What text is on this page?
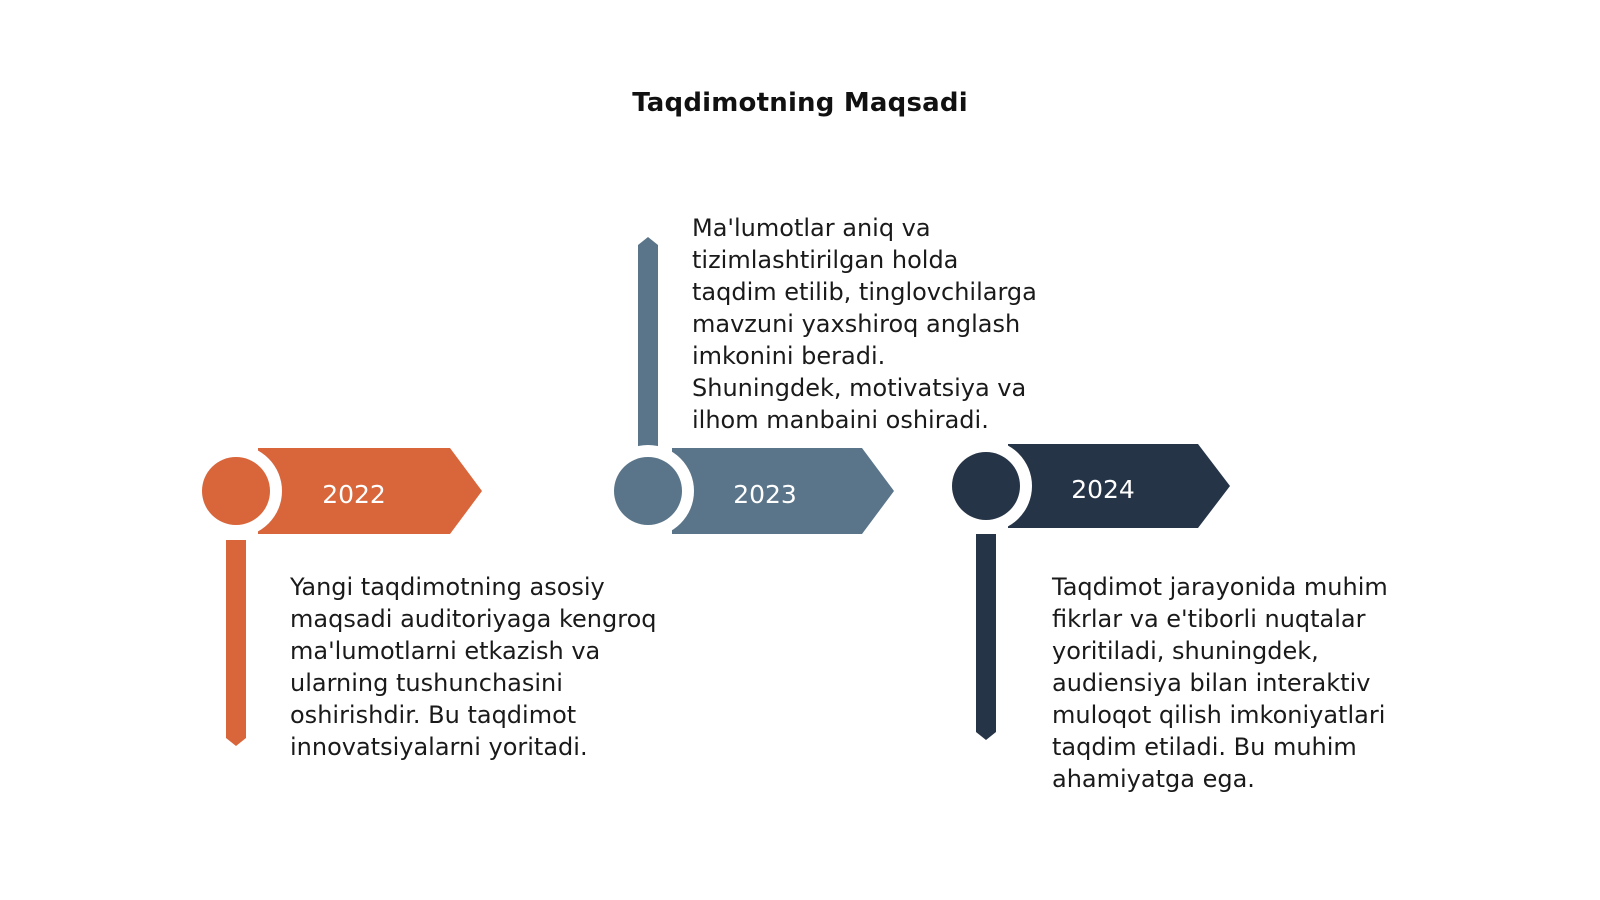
Taqdimotning Maqsadi
2022	2023	2024
Yangi taqdimotning asosiy maqsadi auditoriyaga kengroq ma'lumotlarni etkazish va ularning tushunchasini oshirishdir. Bu taqdimot innovatsiyalarni yoritadi.
Ma'lumotlar aniq va tizimlashtirilgan holda taqdim etilib, tinglovchilarga mavzuni yaxshiroq anglash imkonini beradi. Shuningdek, motivatsiya va ilhom manbaini oshiradi.
Taqdimot jarayonida muhim fikrlar va e'tiborli nuqtalar yoritiladi, shuningdek, audiensiya bilan interaktiv muloqot qilish imkoniyatlari taqdim etiladi. Bu muhim ahamiyatga ega.
